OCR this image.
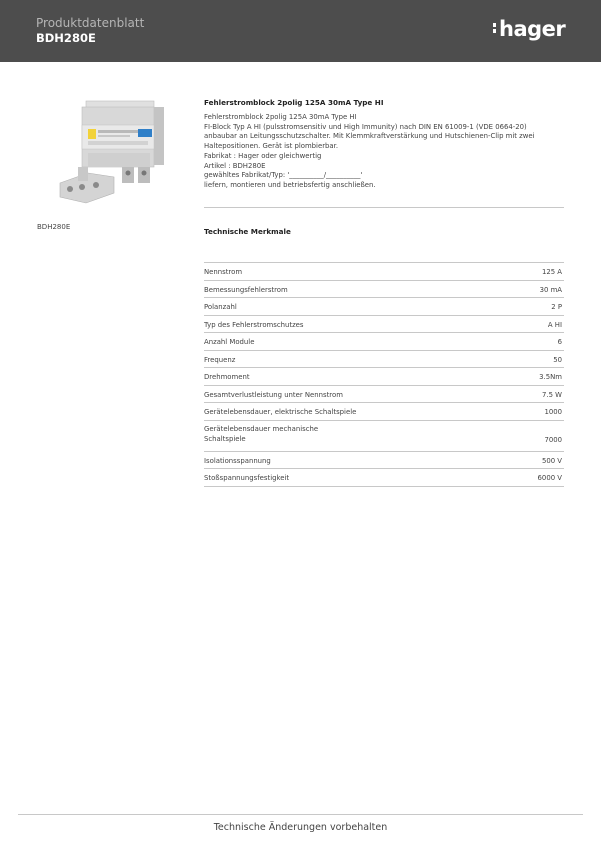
Produktdatenblatt
BDH280E	hager
BDH280E
Fehlerstromblock 2polig 125A 30mA Type HI
Fehlerstromblock 2polig 125A 30mA Type HI
FI-Block Typ A HI (pulsstromsensitiv und High Immunity) nach DIN EN 61009-1 (VDE 0664-20)
anbaubar an Leitungsschutzschalter. Mit Klemmkraftverstärkung und Hutschienen-Clip mit zwei
Haltepositionen. Gerät ist plombierbar.
Fabrikat : Hager oder gleichwertig
Artikel : BDH280E
gewähltes Fabrikat/Typ: '__________/__________'
liefern, montieren und betriebsfertig anschließen.
Technische Merkmale
Nennstrom	125 A
Bemessungsfehlerstrom	30 mA
Polanzahl	2 P
Typ des Fehlerstromschutzes	A HI
Anzahl Module	6
Frequenz	50
Drehmoment	3.5Nm
Gesamtverlustleistung unter Nennstrom	7.5 W
Gerätelebensdauer, elektrische Schaltspiele	1000
Gerätelebensdauer mechanische
Schaltspiele	7000
Isolationsspannung	500 V
Stoßspannungsfestigkeit	6000 V
Technische Änderungen vorbehalten
